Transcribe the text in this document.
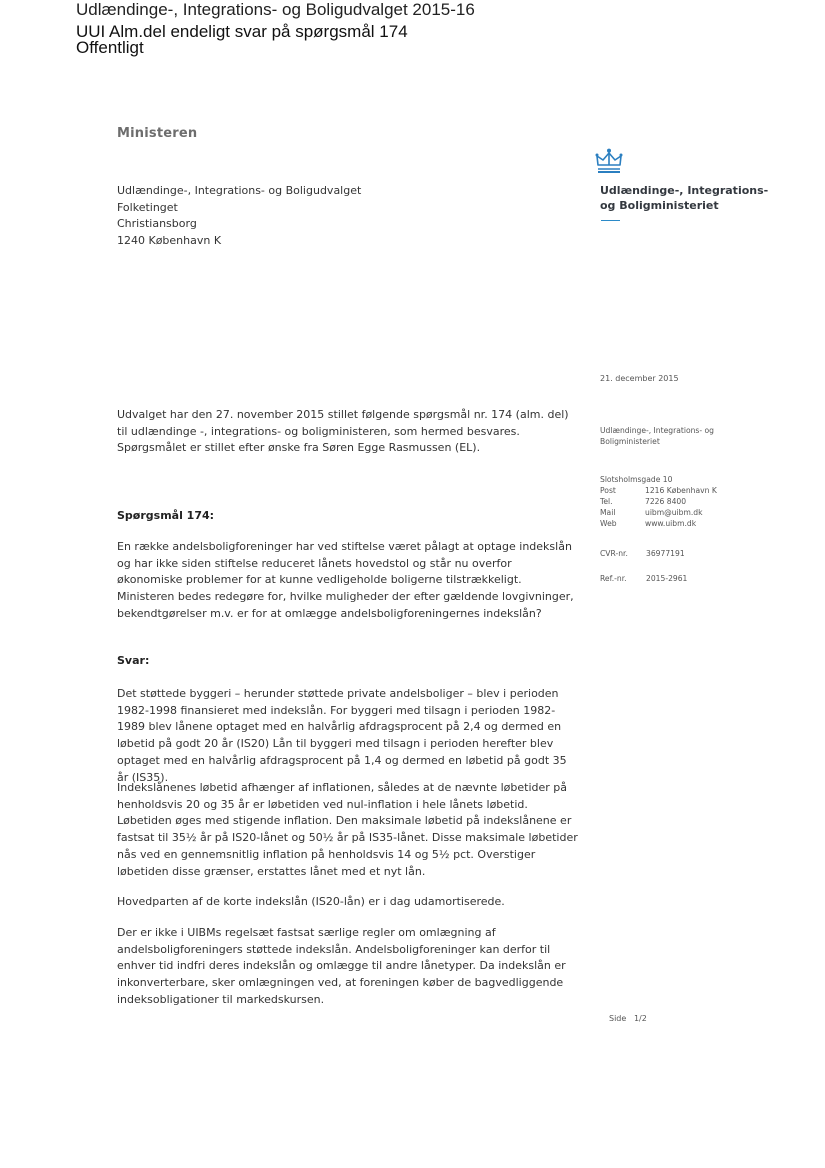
Udlændinge-, Integrations- og Boligudvalget 2015-16
UUI Alm.del endeligt svar på spørgsmål 174
Offentligt
Ministeren
Udlændinge-, Integrations- og Boligudvalget
Folketinget
Christiansborg
1240 København K
Udlændinge-, Integrations-
og Boligministeriet
21. december 2015
Udlændinge-, Integrations- og
Boligministeriet
Slotsholmsgade 10
Post	1216 København K
Tel.	7226 8400
Mail	uibm@uibm.dk
Web	www.uibm.dk
CVR-nr. 36977191
Ref.-nr.	2015-2961

Udvalget har den 27. november 2015 stillet følgende spørgsmål nr. 174 (alm. del) til udlændinge -, integrations- og boligministeren, som hermed besvares. Spørgsmålet er stillet efter ønske fra Søren Egge Rasmussen (EL).

Spørgsmål 174:

En række andelsboligforeninger har ved stiftelse været pålagt at optage indekslån og har ikke siden stiftelse reduceret lånets hovedstol og står nu overfor økonomiske problemer for at kunne vedligeholde boligerne tilstrækkeligt. Ministeren bedes redegøre for, hvilke muligheder der efter gældende lovgivninger, bekendtgørelser m.v. er for at omlægge andelsboligforeningernes indekslån?

Svar:

Det støttede byggeri – herunder støttede private andelsboliger – blev i perioden 1982-1998 finansieret med indekslån. For byggeri med tilsagn i perioden 1982-1989 blev lånene optaget med en halvårlig afdragsprocent på 2,4 og dermed en løbetid på godt 20 år (IS20) Lån til byggeri med tilsagn i perioden herefter blev optaget med en halvårlig afdragsprocent på 1,4 og dermed en løbetid på godt 35 år (IS35).

Indekslånenes løbetid afhænger af inflationen, således at de nævnte løbetider på henholdsvis 20 og 35 år er løbetiden ved nul-inflation i hele lånets løbetid. Løbetiden øges med stigende inflation. Den maksimale løbetid på indekslånene er fastsat til 35½ år på IS20-lånet og 50½ år på IS35-lånet. Disse maksimale løbetider nås ved en gennemsnitlig inflation på henholdsvis 14 og 5½ pct. Overstiger løbetiden disse grænser, erstattes lånet med et nyt lån.

Hovedparten af de korte indekslån (IS20-lån) er i dag udamortiserede.

Der er ikke i UIBMs regelsæt fastsat særlige regler om omlægning af andelsboligforeningers støttede indekslån. Andelsboligforeninger kan derfor til enhver tid indfri deres indekslån og omlægge til andre lånetyper. Da indekslån er inkonverterbare, sker omlægningen ved, at foreningen køber de bagvedliggende indeksobligationer til markedskursen.

Side 1/2
